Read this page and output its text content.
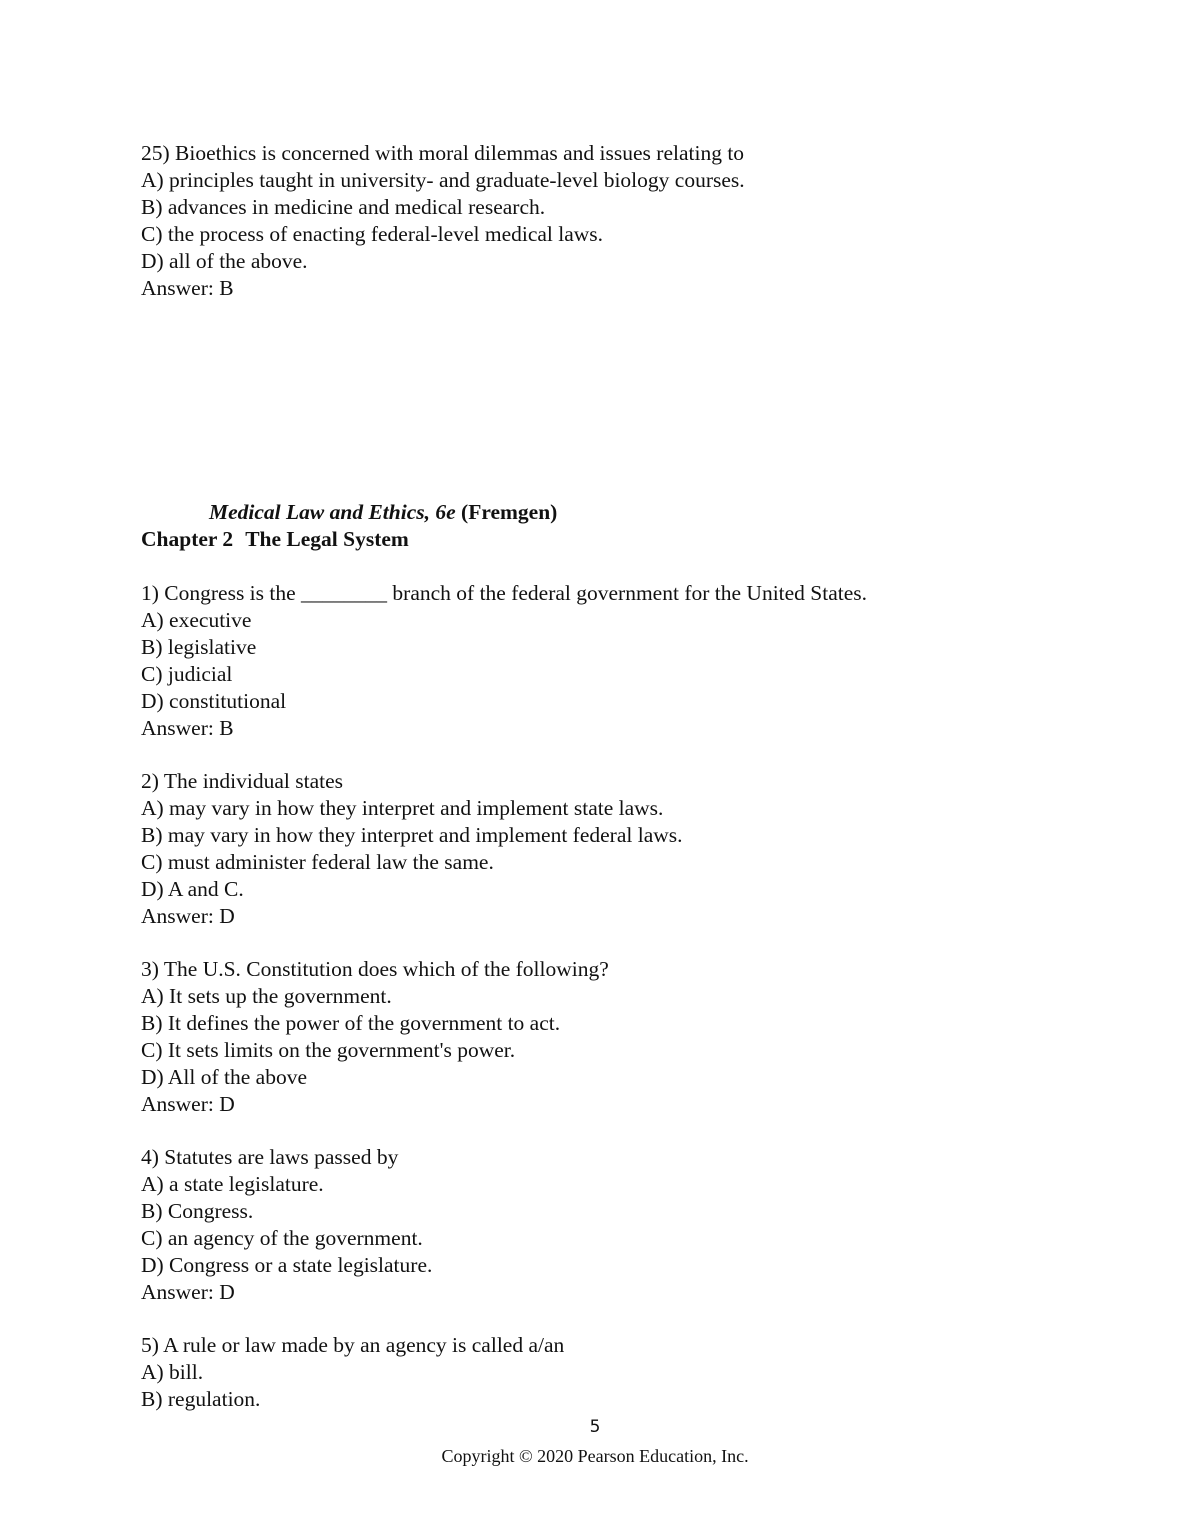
25) Bioethics is concerned with moral dilemmas and issues relating to
A) principles taught in university- and graduate-level biology courses.
B) advances in medicine and medical research.
C) the process of enacting federal-level medical laws.
D) all of the above.
Answer: B
Medical Law and Ethics, 6e (Fremgen)
Chapter 2 The Legal System
1) Congress is the ________ branch of the federal government for the United States.
A) executive
B) legislative
C) judicial
D) constitutional
Answer: B
2) The individual states
A) may vary in how they interpret and implement state laws.
B) may vary in how they interpret and implement federal laws.
C) must administer federal law the same.
D) A and C.
Answer: D
3) The U.S. Constitution does which of the following?
A) It sets up the government.
B) It defines the power of the government to act.
C) It sets limits on the government's power.
D) All of the above
Answer: D
4) Statutes are laws passed by
A) a state legislature.
B) Congress.
C) an agency of the government.
D) Congress or a state legislature.
Answer: D
5) A rule or law made by an agency is called a/an
A) bill.
B) regulation.
5
Copyright © 2020 Pearson Education, Inc.
